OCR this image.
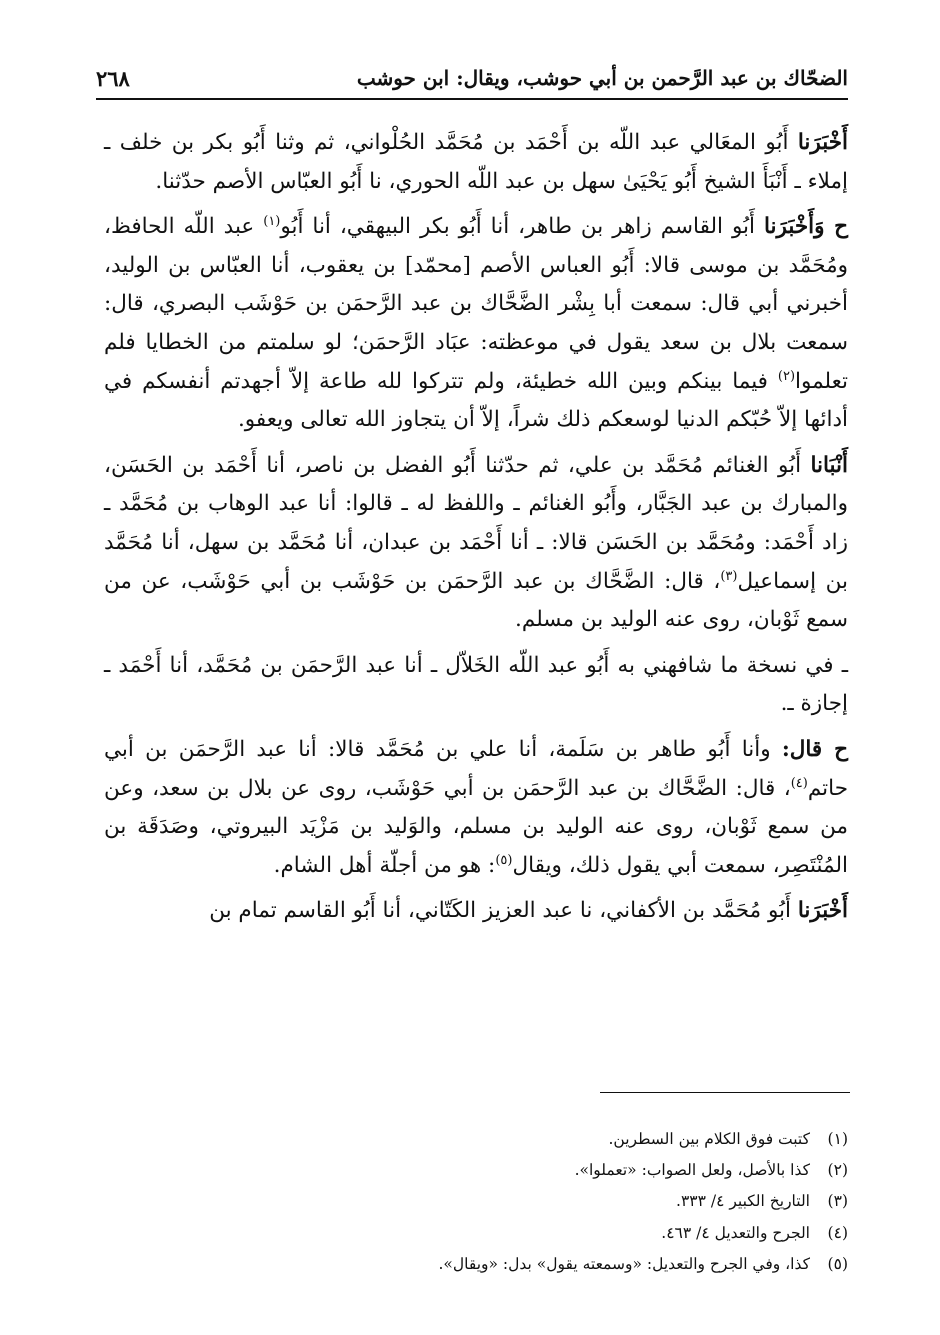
الضحّاك بن عبد الرَّحمن بن أبي حوشب، ويقال: ابن حوشب
٢٦٨

أَخْبَرَنا أَبُو المعَالي عبد اللّه بن أَحْمَد بن مُحَمَّد الحُلْواني، ثم وثنا أَبُو بكر بن خلف ـ إملاء ـ أَنْبَأَ الشيخ أَبُو يَحْيَىٰ سهل بن عبد اللّه الحوري، نا أَبُو العبّاس الأصم حدّثنا.

ح وَأَخْبَرَنا أَبُو القاسم زاهر بن طاهر، أنا أَبُو بكر البيهقي، أنا أَبُو$^{(١)}$ عبد اللّه الحافظ، ومُحَمَّد بن موسى قالا: أَبُو العباس الأصم [محمّد] بن يعقوب، أنا العبّاس بن الوليد، أخبرني أبي قال: سمعت أبا بِشْر الضَّحَّاك بن عبد الرَّحمَن بن حَوْشَب البصري، قال: سمعت بلال بن سعد يقول في موعظته: عبَاد الرَّحمَن؛ لو سلمتم من الخطايا فلم تعلموا$^{(٢)}$ فيما بينكم وبين الله خطيئة، ولم تتركوا لله طاعة إلاّ أجهدتم أنفسكم في أدائها إلاّ حُبّكم الدنيا لوسعكم ذلك شراً، إلاّ أن يتجاوز الله تعالى ويعفو.

أَنْبَانا أَبُو الغنائم مُحَمَّد بن علي، ثم حدّثنا أَبُو الفضل بن ناصر، أنا أَحْمَد بن الحَسَن، والمبارك بن عبد الجَبَّار، وأَبُو الغنائم ـ واللفظ له ـ قالوا: أنا عبد الوهاب بن مُحَمَّد ـ زاد أَحْمَد: ومُحَمَّد بن الحَسَن قالا: ـ أنا أَحْمَد بن عبدان، أنا مُحَمَّد بن سهل، أنا مُحَمَّد بن إسماعيل$^{(٣)}$، قال: الضَّحَّاك بن عبد الرَّحمَن بن حَوْشَب بن أبي حَوْشَب، عن من سمع ثَوْبان، روى عنه الوليد بن مسلم.

ـ في نسخة ما شافهني به أَبُو عبد اللّه الخَلاّل ـ أنا عبد الرَّحمَن بن مُحَمَّد، أنا أَحْمَد ـ إجازة ـ.

ح قال: وأنا أَبُو طاهر بن سَلَمة، أنا علي بن مُحَمَّد قالا: أنا عبد الرَّحمَن بن أبي حاتم$^{(٤)}$، قال: الضَّحَّاك بن عبد الرَّحمَن بن أبي حَوْشَب، روى عن بلال بن سعد، وعن من سمع ثَوْبان، روى عنه الوليد بن مسلم، والوَليد بن مَزْيَد البيروتي، وصَدَقَة بن المُنْتَصِر، سمعت أبي يقول ذلك، ويقال$^{(٥)}$: هو من أجلّة أهل الشام.

أَخْبَرَنا أَبُو مُحَمَّد بن الأكفاني، نا عبد العزيز الكَتّاني، أنا أَبُو القاسم تمام بن

(١)
كتبت فوق الكلام بين السطرين.
(٢)
كذا بالأصل، ولعل الصواب: «تعملوا».
(٣)
التاريخ الكبير ٤/ ٣٣٣.
(٤)
الجرح والتعديل ٤/ ٤٦٣.
(٥)
كذا، وفي الجرح والتعديل: «وسمعته يقول» بدل: «ويقال».
